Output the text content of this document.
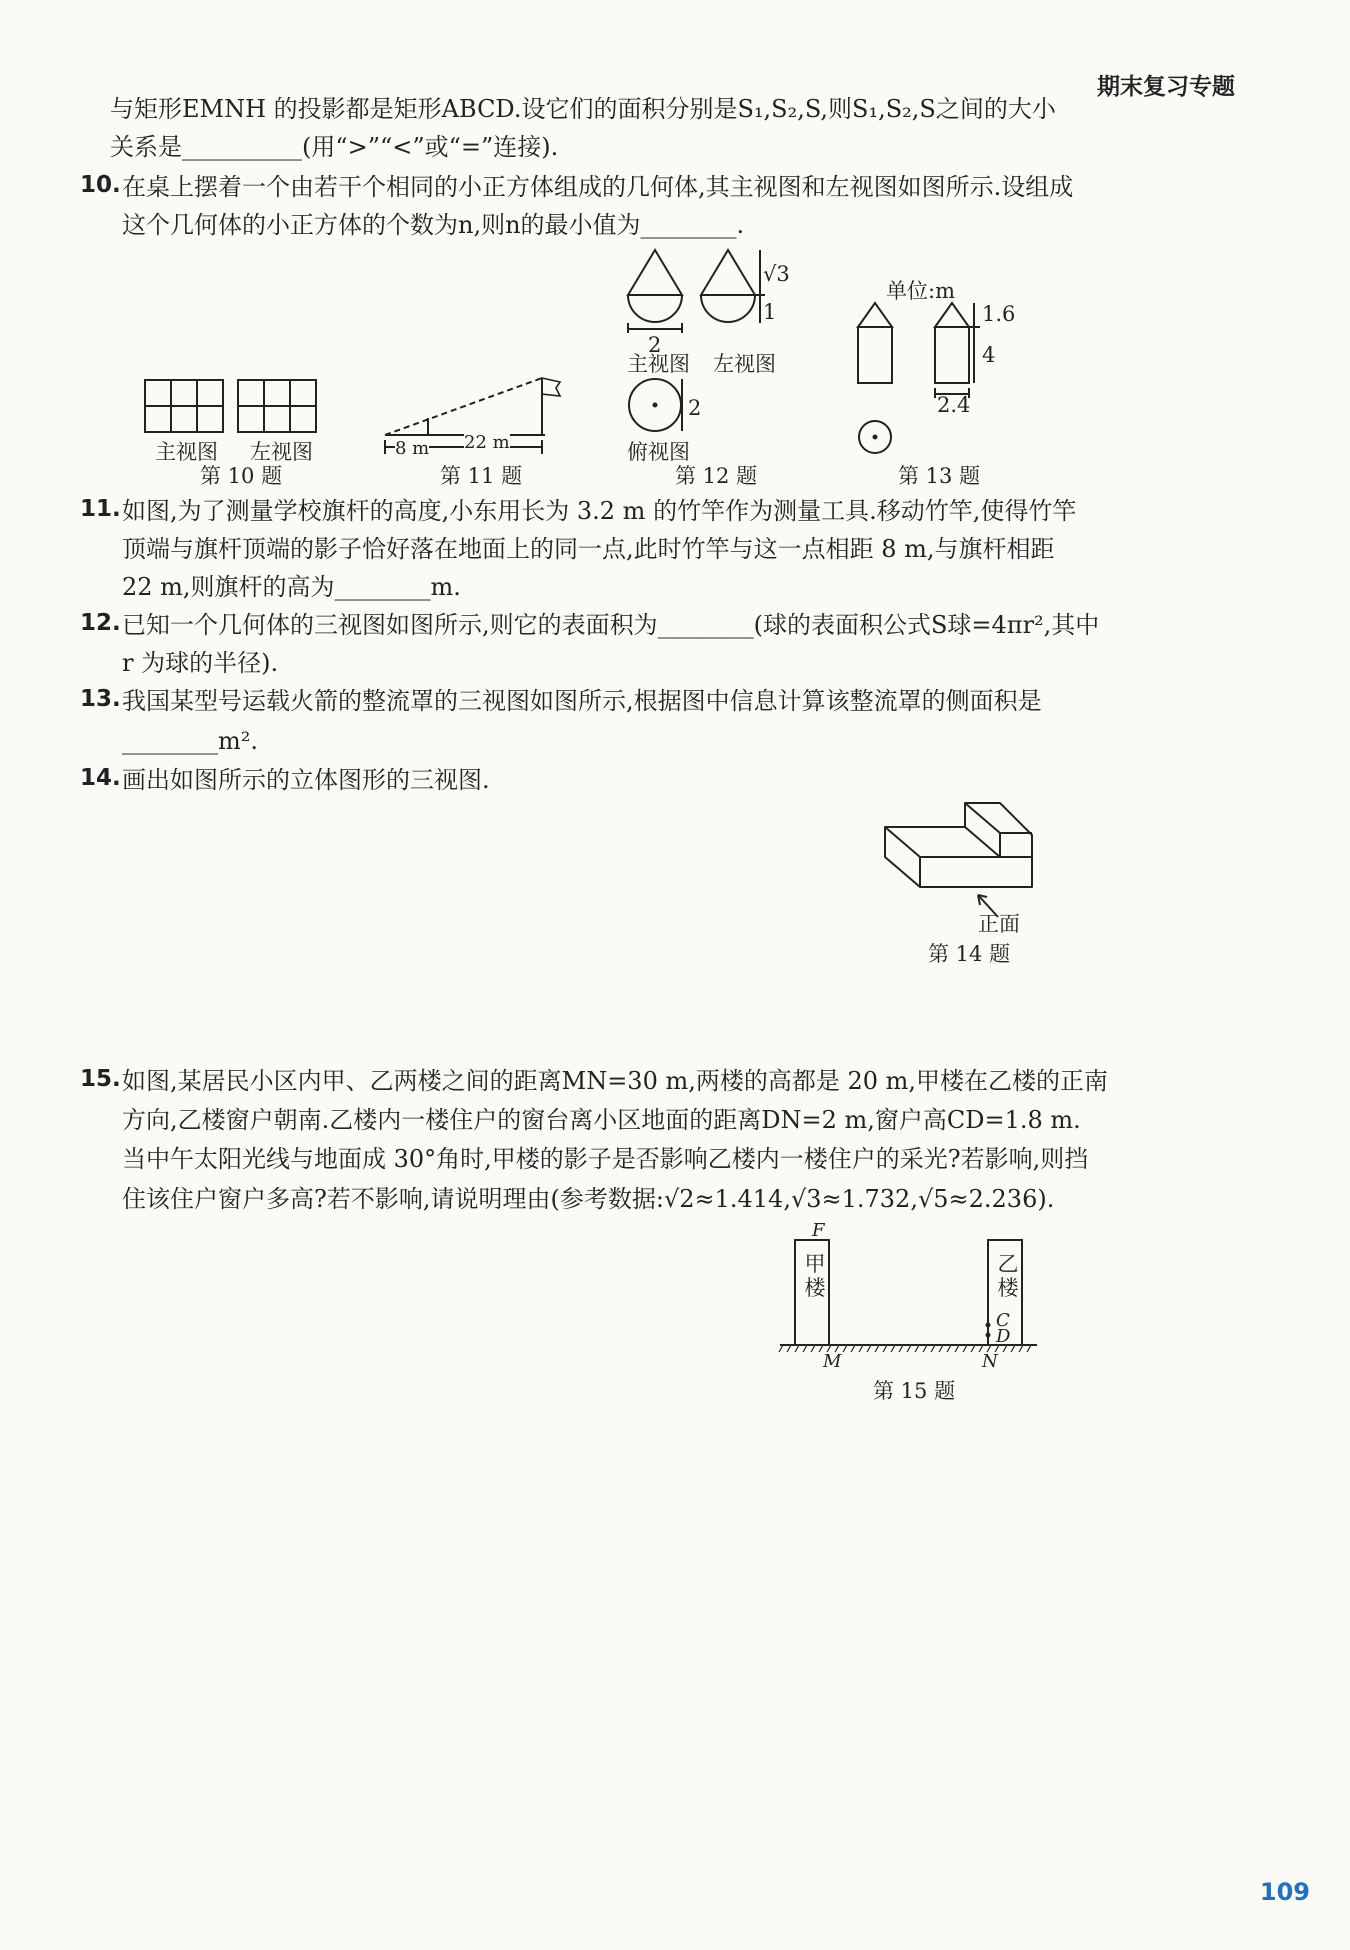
期末复习专题
与矩形EMNH 的投影都是矩形ABCD.设它们的面积分别是S₁,S₂,S,则S₁,S₂,S之间的大小
关系是__________(用“>”“<”或“=”连接).
10. 在桌上摆着一个由若干个相同的小正方体组成的几何体,其主视图和左视图如图所示.设组成
这个几何体的小正方体的个数为n,则n的最小值为________.
主视图 左视图
第 10 题
8 m 22 m
第 11 题
2
√3
1
主视图 左视图
2
俯视图
第 12 题
单位:m
1.6
4
2.4
第 13 题
11. 如图,为了测量学校旗杆的高度,小东用长为 3.2 m 的竹竿作为测量工具.移动竹竿,使得竹竿
顶端与旗杆顶端的影子恰好落在地面上的同一点,此时竹竿与这一点相距 8 m,与旗杆相距
22 m,则旗杆的高为________m.
12. 已知一个几何体的三视图如图所示,则它的表面积为________(球的表面积公式S球=4πr²,其中
r 为球的半径).
13. 我国某型号运载火箭的整流罩的三视图如图所示,根据图中信息计算该整流罩的侧面积是
________m².
14. 画出如图所示的立体图形的三视图.
正面
第 14 题
15. 如图,某居民小区内甲、乙两楼之间的距离MN=30 m,两楼的高都是 20 m,甲楼在乙楼的正南
方向,乙楼窗户朝南.乙楼内一楼住户的窗台离小区地面的距离DN=2 m,窗户高CD=1.8 m.
当中午太阳光线与地面成 30°角时,甲楼的影子是否影响乙楼内一楼住户的采光?若影响,则挡
住该住户窗户多高?若不影响,请说明理由(参考数据:√2≈1.414,√3≈1.732,√5≈2.236).
F
甲楼
乙楼
C
D
M	N
第 15 题
109
